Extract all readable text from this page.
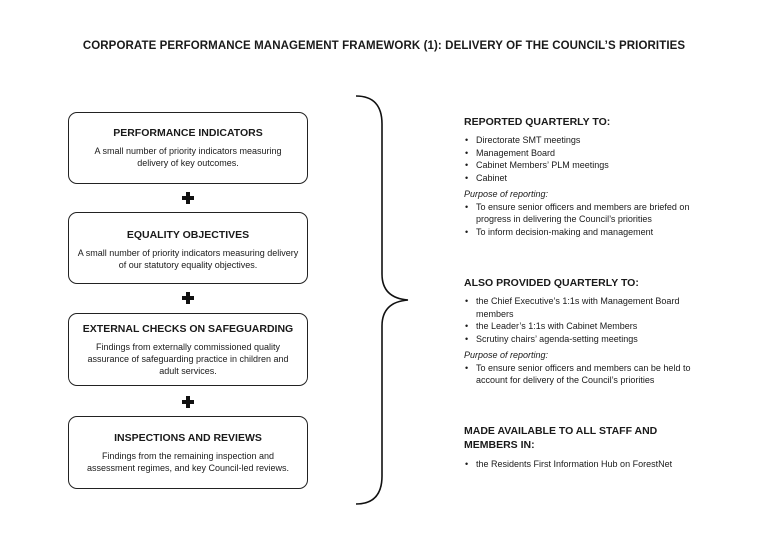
CORPORATE PERFORMANCE MANAGEMENT FRAMEWORK (1): DELIVERY OF THE COUNCIL’S PRIORITIES
PERFORMANCE INDICATORS
A small number of priority indicators measuring delivery of key outcomes.
EQUALITY OBJECTIVES
A small number of priority indicators measuring delivery of our statutory equality objectives.
EXTERNAL CHECKS ON SAFEGUARDING
Findings from externally commissioned quality assurance of safeguarding practice in children and adult services.
INSPECTIONS AND REVIEWS
Findings from the remaining inspection and assessment regimes, and key Council-led reviews.
REPORTED QUARTERLY TO:
• Directorate SMT meetings
• Management Board
• Cabinet Members’ PLM meetings
• Cabinet
Purpose of reporting:
• To ensure senior officers and members are briefed on progress in delivering the Council’s priorities
• To inform decision-making and management
ALSO PROVIDED QUARTERLY TO:
• the Chief Executive’s 1:1s with Management Board members
• the Leader’s 1:1s with Cabinet Members
• Scrutiny chairs’ agenda-setting meetings
Purpose of reporting:
• To ensure senior officers and members can be held to account for delivery of the Council’s priorities
MADE AVAILABLE TO ALL STAFF AND MEMBERS IN:
• the Residents First Information Hub on ForestNet
